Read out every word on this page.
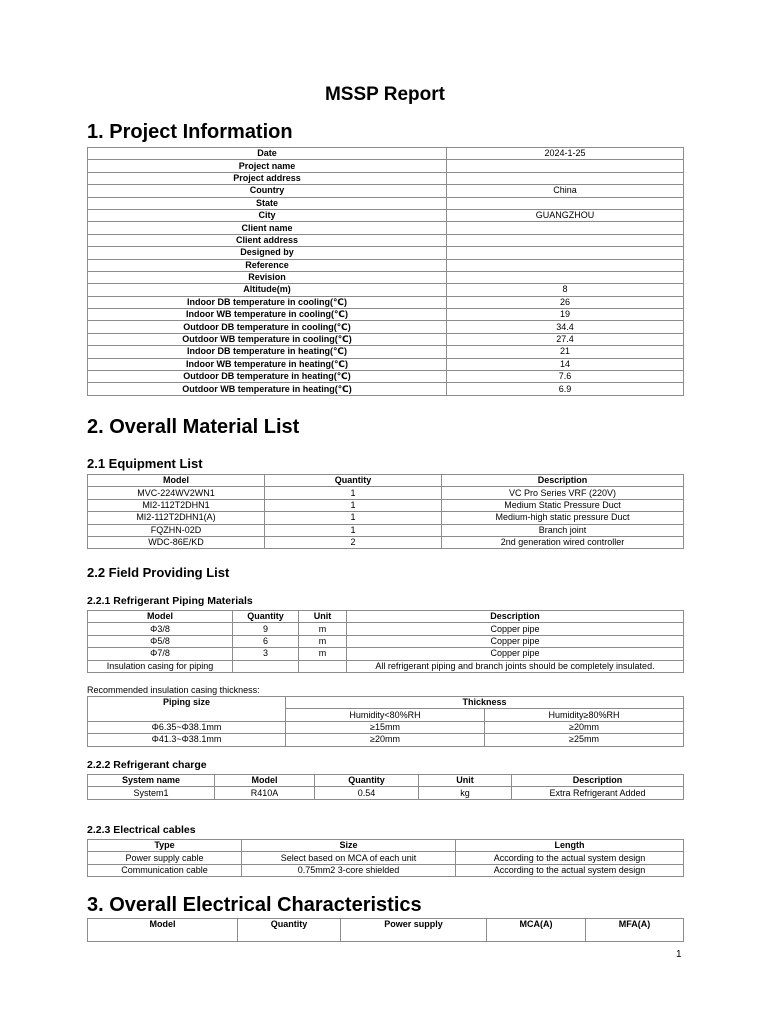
MSSP Report
1. Project Information
Date	2024-1-25
Project name	
Project address	
Country	China
State	
City	GUANGZHOU
Client name	
Client address	
Designed by	
Reference	
Revision	
Altitude(m)	8
Indoor DB temperature in cooling(℃)	26
Indoor WB temperature in cooling(℃)	19
Outdoor DB temperature in cooling(℃)	34.4
Outdoor WB temperature in cooling(℃)	27.4
Indoor DB temperature in heating(℃)	21
Indoor WB temperature in heating(℃)	14
Outdoor DB temperature in heating(℃)	7.6
Outdoor WB temperature in heating(℃)	6.9
2. Overall Material List
2.1 Equipment List
Model	Quantity	Description
MVC-224WV2WN1	1	VC Pro Series VRF (220V)
MI2-112T2DHN1	1	Medium Static Pressure Duct
MI2-112T2DHN1(A)	1	Medium-high static pressure Duct
FQZHN-02D	1	Branch joint
WDC-86E/KD	2	2nd generation wired controller
2.2 Field Providing List
2.2.1 Refrigerant Piping Materials
Model	Quantity	Unit	Description
Φ3/8	9	m	Copper pipe
Φ5/8	6	m	Copper pipe
Φ7/8	3	m	Copper pipe
Insulation casing for piping			All refrigerant piping and branch joints should be completely insulated.
Recommended insulation casing thickness:
Piping size	Thickness	
	Humidity<80%RH	Humidity≥80%RH
Φ6.35~Φ38.1mm	≥15mm	≥20mm
Φ41.3~Φ38.1mm	≥20mm	≥25mm
2.2.2 Refrigerant charge
System name	Model	Quantity	Unit	Description
System1	R410A	0.54	kg	Extra Refrigerant Added
2.2.3 Electrical cables
Type	Size	Length
Power supply cable	Select based on MCA of each unit	According to the actual system design
Communication cable	0.75mm2 3-core shielded	According to the actual system design
3. Overall Electrical Characteristics
Model	Quantity	Power supply	MCA(A)	MFA(A)
1
